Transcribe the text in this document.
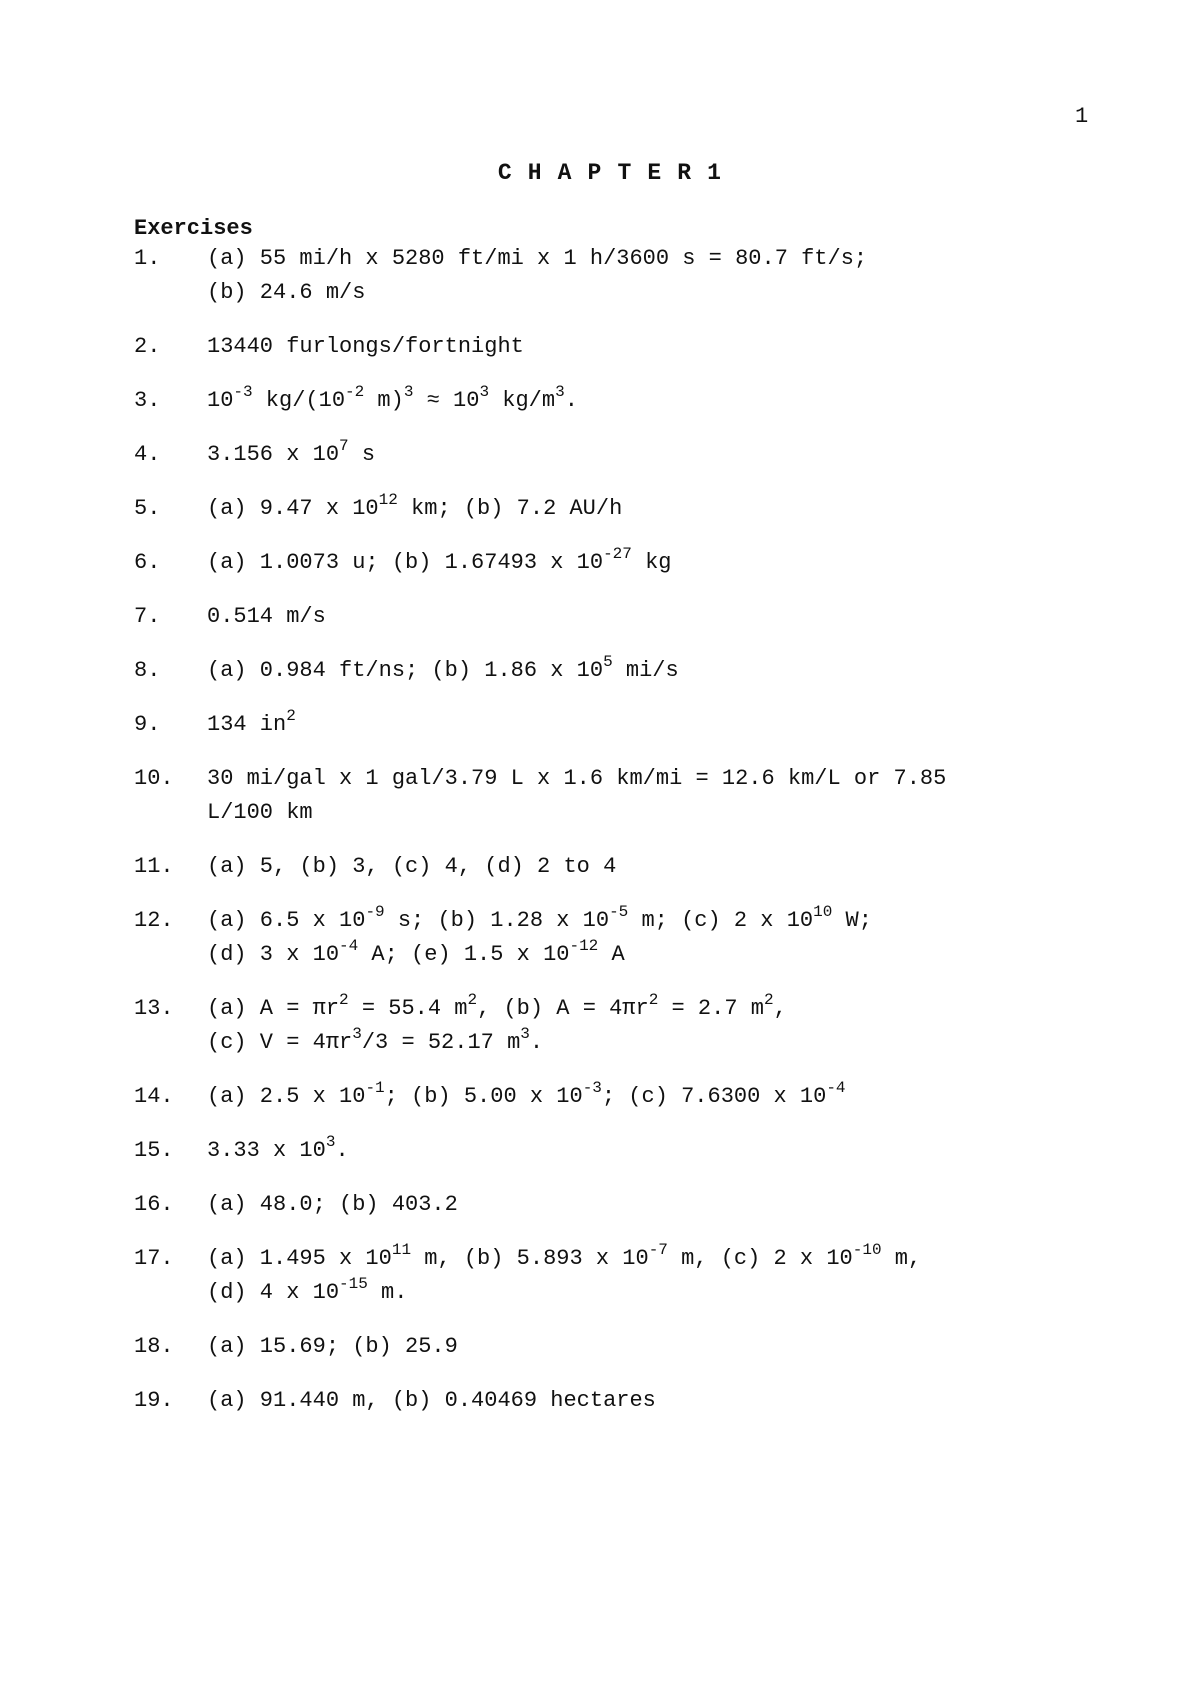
1
C H A P T E R 1
Exercises
1.	(a) 55 mi/h x 5280 ft/mi x 1 h/3600 s = 80.7 ft/s;
(b) 24.6 m/s
2.	13440 furlongs/fortnight
3.	$10^{-3}$ $kg/(10^{-2}$ $m)^3 \approx 10^3$ $kg/m^3$.
4.	3.156 x $10^7$ s
5.	(a) 9.47 x $10^{12}$ km; (b) 7.2 AU/h
6.	(a) 1.0073 u; (b) 1.67493 x $10^{-27}$ kg
7.	0.514 m/s
8.	(a) 0.984 ft/ns; (b) 1.86 x $10^5$ mi/s
9.	134 $in^2$
10.	30 mi/gal x 1 gal/3.79 L x 1.6 km/mi = 12.6 km/L or 7.85
L/100 km
11.	(a) 5, (b) 3, (c) 4, (d) 2 to 4
12.	(a) 6.5 x $10^{-9}$ s; (b) 1.28 x $10^{-5}$ m; (c) 2 x $10^{10}$ W;
(d) 3 x $10^{-4}$ A; (e) 1.5 x $10^{-12}$ A
13.	(a) $A = \pi r^2 = 55.4$ $m^2$, (b) $A = 4\pi r^2 = 2.7$ $m^2$,
(c) $V = 4\pi r^3/3 = 52.17$ $m^3$.
14.	(a) 2.5 x $10^{-1}$; (b) 5.00 x $10^{-3}$; (c) 7.6300 x $10^{-4}$
15.	3.33 x $10^3$.
16.	(a) 48.0; (b) 403.2
17.	(a) 1.495 x $10^{11}$ m, (b) 5.893 x $10^{-7}$ m, (c) 2 x $10^{-10}$ m,
(d) 4 x $10^{-15}$ m.
18.	(a) 15.69; (b) 25.9
19.	(a) 91.440 m, (b) 0.40469 hectares
